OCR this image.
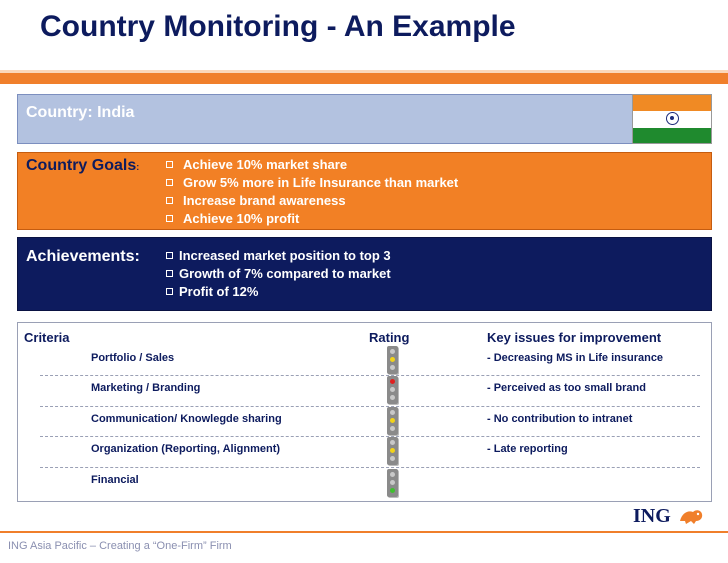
Country Monitoring - An Example
Country: India
Country Goals:	Achieve 10% market share
Grow 5% more in Life Insurance than market
Increase brand awareness
Achieve 10% profit
Achievements:	Increased market position to top 3
Growth of 7% compared to market
Profit of 12%
Criteria	Rating	Key issues for improvement
Portfolio / Sales	- Decreasing MS in Life insurance
Marketing / Branding	- Perceived as too small brand
Communication/ Knowlegde sharing	- No contribution to intranet
Organization (Reporting, Alignment)	- Late reporting
Financial
ING
ING Asia Pacific – Creating a “One-Firm” Firm
